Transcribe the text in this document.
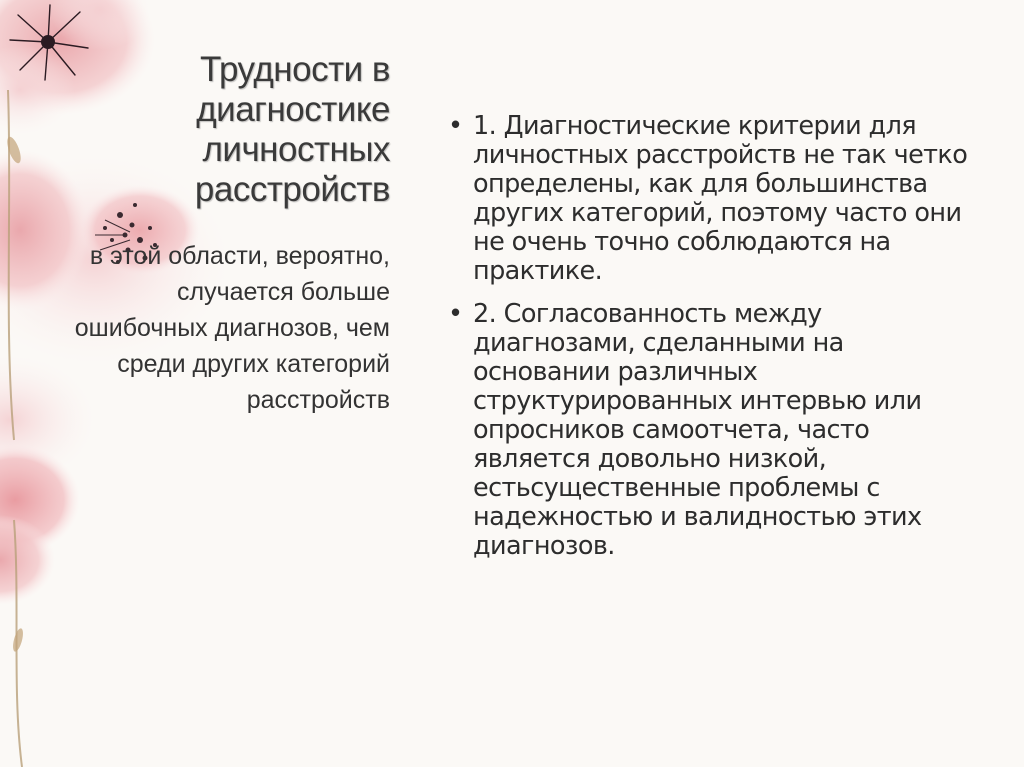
Трудности в диагностике личностных расстройств

в этой области, вероятно, случается больше ошибочных диагнозов, чем среди других категорий расстройств

• 1. Диагностические критерии для личностных расстройств не так четко определены, как для большинства других категорий, поэтому часто они не очень точно соблюдаются на практике.
• 2. Согласованность между диагнозами, сделанными на основании различных структурированных интервью или опросников самоотчета, часто является довольно низкой, естьсущественные проблемы с надежностью и валидностью этих диагнозов.
